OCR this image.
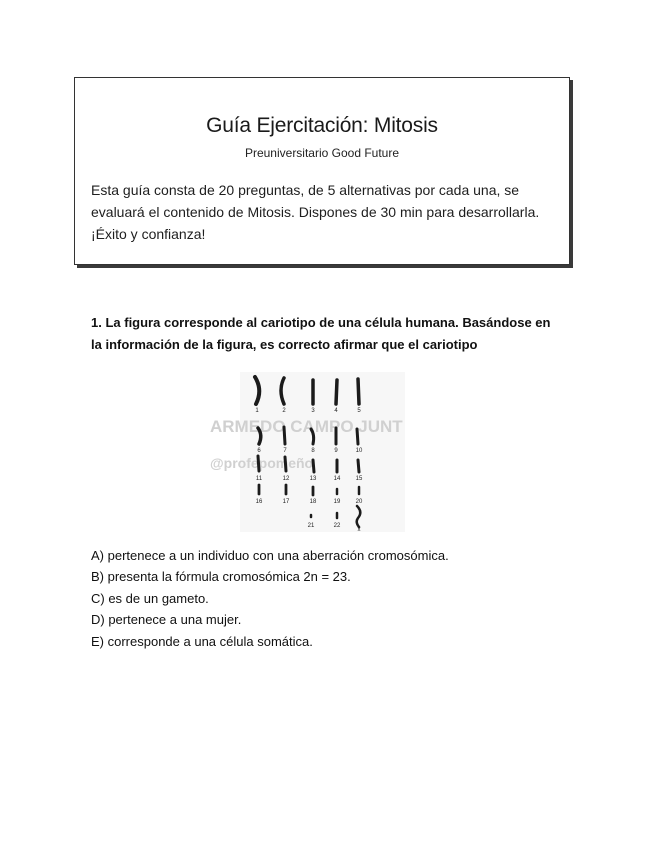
Guía Ejercitación: Mitosis
Preuniversitario Good Future

Esta guía consta de 20 preguntas, de 5 alternativas por cada una, se evaluará el contenido de Mitosis. Dispones de 30 min para desarrollarla. ¡Éxito y confianza!

1. La figura corresponde al cariotipo de una célula humana. Basándose en la información de la figura, es correcto afirmar que el cariotipo

ARMEDO CAMPO JUNT
@profepomeño
1	2	3	4	5
6	7	8	9	10
11	12	13	14	15
16	17	18	19	20
21	22
x
A) pertenece a un individuo con una aberración cromosómica.
B) presenta la fórmula cromosómica 2n = 23.
C) es de un gameto.
D) pertenece a una mujer.
E) corresponde a una célula somática.
